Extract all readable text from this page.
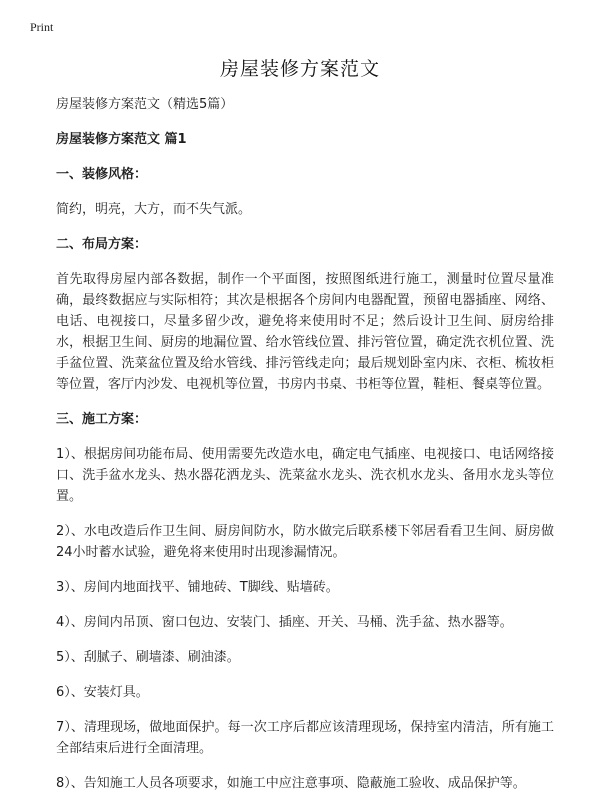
Print
房屋装修方案范文
房屋装修方案范文（精选5篇）
房屋装修方案范文 篇1
一、装修风格：
简约，明亮，大方，而不失气派。
二、布局方案：
首先取得房屋内部各数据，制作一个平面图，按照图纸进行施工，测量时位置尽量准确，最终数据应与实际相符；其次是根据各个房间内电器配置，预留电器插座、网络、电话、电视接口，尽量多留少改，避免将来使用时不足；然后设计卫生间、厨房给排水，根据卫生间、厨房的地漏位置、给水管线位置、排污管位置，确定洗衣机位置、洗手盆位置、洗菜盆位置及给水管线、排污管线走向；最后规划卧室内床、衣柜、梳妆柜等位置，客厅内沙发、电视机等位置，书房内书桌、书柜等位置，鞋柜、餐桌等位置。
三、施工方案：
1）、根据房间功能布局、使用需要先改造水电，确定电气插座、电视接口、电话网络接口、洗手盆水龙头、热水器花洒龙头、洗菜盆水龙头、洗衣机水龙头、备用水龙头等位置。
2）、水电改造后作卫生间、厨房间防水，防水做完后联系楼下邻居看看卫生间、厨房做24小时蓄水试验，避免将来使用时出现渗漏情况。
3）、房间内地面找平、铺地砖、T脚线、贴墙砖。
4）、房间内吊顶、窗口包边、安装门、插座、开关、马桶、洗手盆、热水器等。
5）、刮腻子、刷墙漆、刷油漆。
6）、安装灯具。
7）、清理现场，做地面保护。每一次工序后都应该清理现场，保持室内清洁，所有施工全部结束后进行全面清理。
8）、告知施工人员各项要求，如施工中应注意事项、隐蔽施工验收、成品保护等。
